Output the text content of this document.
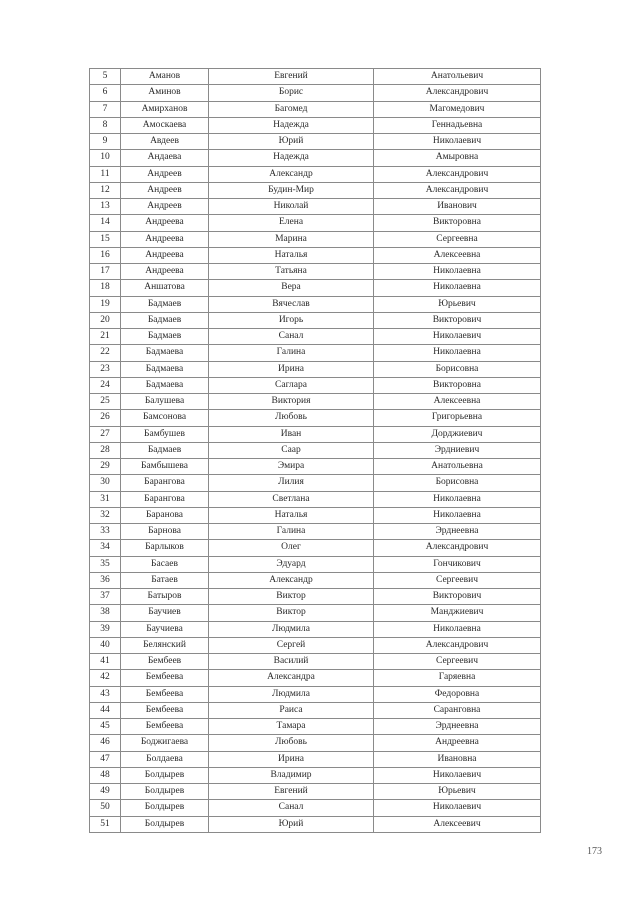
5	Аманов	Евгений	Анатольевич
6	Аминов	Борис	Александрович
7	Амирханов	Багомед	Магомедович
8	Амоскаева	Надежда	Геннадьевна
9	Авдеев	Юрий	Николаевич
10	Андаева	Надежда	Амыровна
11	Андреев	Александр	Александрович
12	Андреев	Будин-Мир	Александрович
13	Андреев	Николай	Иванович
14	Андреева	Елена	Викторовна
15	Андреева	Марина	Сергеевна
16	Андреева	Наталья	Алексеевна
17	Андреева	Татьяна	Николаевна
18	Аншатова	Вера	Николаевна
19	Бадмаев	Вячеслав	Юрьевич
20	Бадмаев	Игорь	Викторович
21	Бадмаев	Санал	Николаевич
22	Бадмаева	Галина	Николаевна
23	Бадмаева	Ирина	Борисовна
24	Бадмаева	Саглара	Викторовна
25	Балушева	Виктория	Алексеевна
26	Бамсонова	Любовь	Григорьевна
27	Бамбушев	Иван	Дорджиевич
28	Бадмаев	Саар	Эрдниевич
29	Бамбышева	Эмира	Анатольевна
30	Барангова	Лилия	Борисовна
31	Барангова	Светлана	Николаевна
32	Баранова	Наталья	Николаевна
33	Барнова	Галина	Эрднеевна
34	Барлыков	Олег	Александрович
35	Басаев	Эдуард	Гончикович
36	Батаев	Александр	Сергеевич
37	Батыров	Виктор	Викторович
38	Баучиев	Виктор	Манджиевич
39	Баучиева	Людмила	Николаевна
40	Белянский	Сергей	Александрович
41	Бембеев	Василий	Сергеевич
42	Бембеева	Александра	Гаряевна
43	Бембеева	Людмила	Федоровна
44	Бембеева	Раиса	Саранговна
45	Бембеева	Тамара	Эрднеевна
46	Боджигаева	Любовь	Андреевна
47	Болдаева	Ирина	Ивановна
48	Болдырев	Владимир	Николаевич
49	Болдырев	Евгений	Юрьевич
50	Болдырев	Санал	Николаевич
51	Болдырев	Юрий	Алексеевич
173
